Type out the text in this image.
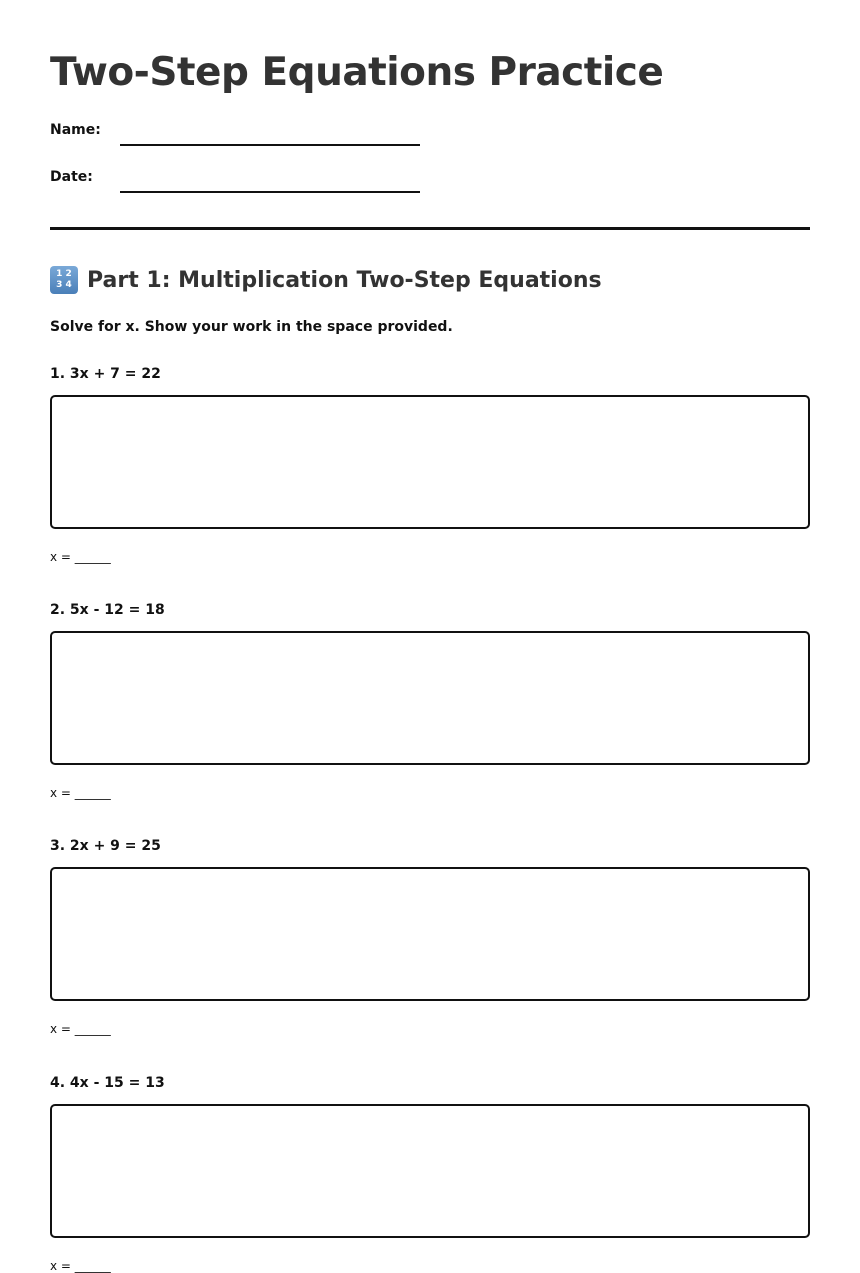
Two-Step Equations Practice
Name:
Date:
1 2
3 4 Part 1: Multiplication Two-Step Equations
Solve for x. Show your work in the space provided.
1. 3x + 7 = 22
x = ______
2. 5x - 12 = 18
x = ______
3. 2x + 9 = 25
x = ______
4. 4x - 15 = 13
x = ______
